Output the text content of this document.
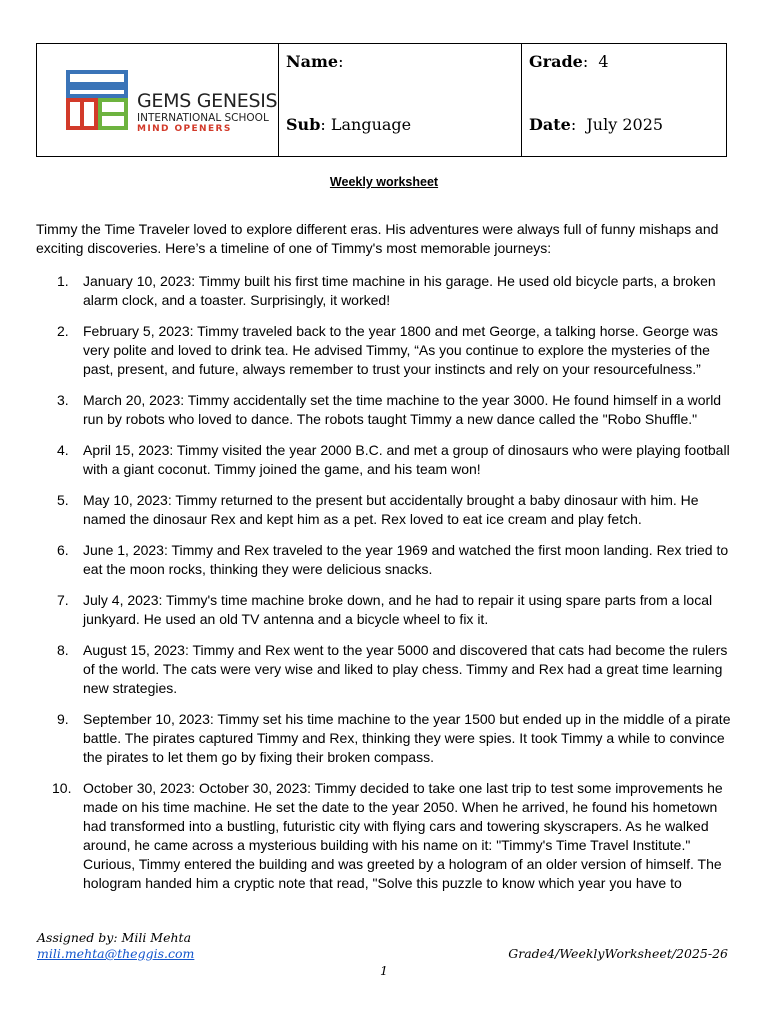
GEMS GENESIS
INTERNATIONAL SCHOOL
MIND OPENERS
Name:
Sub: Language
Grade:  4
Date:  July 2025
Weekly worksheet
Timmy the Time Traveler loved to explore different eras. His adventures were always full of funny mishaps and exciting discoveries. Here’s a timeline of one of Timmy's most memorable journeys:
1.	January 10, 2023: Timmy built his first time machine in his garage. He used old bicycle parts, a broken alarm clock, and a toaster. Surprisingly, it worked!
2.	February 5, 2023: Timmy traveled back to the year 1800 and met George, a talking horse. George was very polite and loved to drink tea. He advised Timmy, “As you continue to explore the mysteries of the past, present, and future, always remember to trust your instincts and rely on your resourcefulness.”
3.	March 20, 2023: Timmy accidentally set the time machine to the year 3000. He found himself in a world run by robots who loved to dance. The robots taught Timmy a new dance called the "Robo Shuffle."
4.	April 15, 2023: Timmy visited the year 2000 B.C. and met a group of dinosaurs who were playing football with a giant coconut. Timmy joined the game, and his team won!
5.	May 10, 2023: Timmy returned to the present but accidentally brought a baby dinosaur with him. He named the dinosaur Rex and kept him as a pet. Rex loved to eat ice cream and play fetch.
6.	June 1, 2023: Timmy and Rex traveled to the year 1969 and watched the first moon landing. Rex tried to eat the moon rocks, thinking they were delicious snacks.
7.	July 4, 2023: Timmy's time machine broke down, and he had to repair it using spare parts from a local junkyard. He used an old TV antenna and a bicycle wheel to fix it.
8.	August 15, 2023: Timmy and Rex went to the year 5000 and discovered that cats had become the rulers of the world. The cats were very wise and liked to play chess. Timmy and Rex had a great time learning new strategies.
9.	September 10, 2023: Timmy set his time machine to the year 1500 but ended up in the middle of a pirate battle. The pirates captured Timmy and Rex, thinking they were spies. It took Timmy a while to convince the pirates to let them go by fixing their broken compass.
10. October 30, 2023: October 30, 2023: Timmy decided to take one last trip to test some improvements he made on his time machine. He set the date to the year 2050. When he arrived, he found his hometown had transformed into a bustling, futuristic city with flying cars and towering skyscrapers. As he walked around, he came across a mysterious building with his name on it: "Timmy's Time Travel Institute." Curious, Timmy entered the building and was greeted by a hologram of an older version of himself. The hologram handed him a cryptic note that read, "Solve this puzzle to know which year you have to
Assigned by: Mili Mehta
mili.mehta@theggis.com	Grade4/WeeklyWorksheet/2025-26
1
